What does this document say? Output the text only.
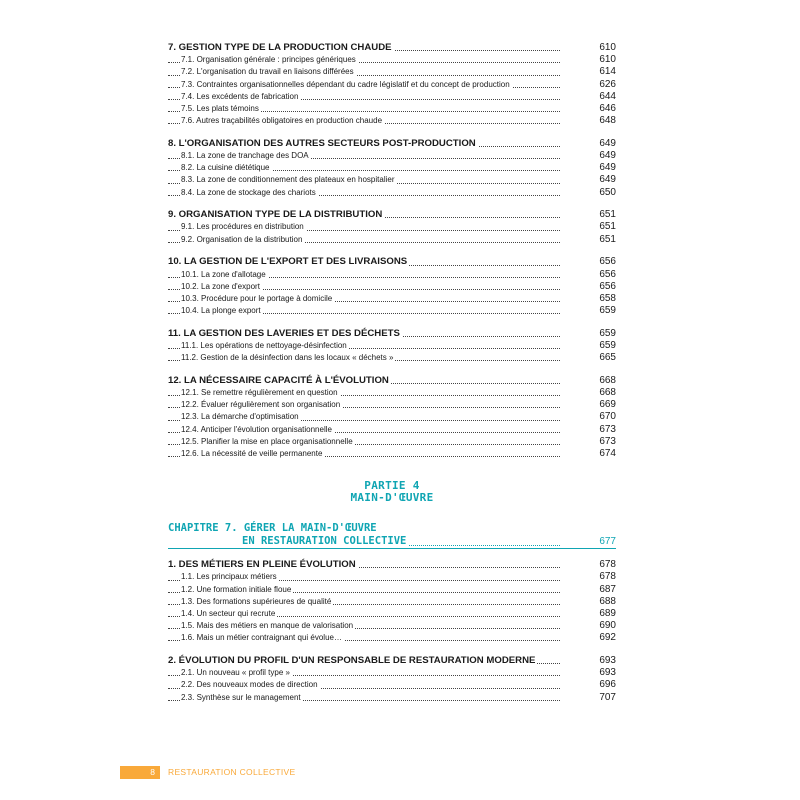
7. GESTION TYPE DE LA PRODUCTION CHAUDE	610
7.1. Organisation générale : principes génériques	610
7.2. L'organisation du travail en liaisons différées	614
7.3. Contraintes organisationnelles dépendant du cadre législatif et du concept de production	626
7.4. Les excédents de fabrication	644
7.5. Les plats témoins	646
7.6. Autres traçabilités obligatoires en production chaude	648
8. L'ORGANISATION DES AUTRES SECTEURS POST-PRODUCTION	649
8.1. La zone de tranchage des DOA	649
8.2. La cuisine diététique	649
8.3. La zone de conditionnement des plateaux en hospitalier	649
8.4. La zone de stockage des chariots	650
9. ORGANISATION TYPE DE LA DISTRIBUTION	651
9.1. Les procédures en distribution	651
9.2. Organisation de la distribution	651
10. LA GESTION DE L'EXPORT ET DES LIVRAISONS	656
10.1. La zone d'allotage	656
10.2. La zone d'export	656
10.3. Procédure pour le portage à domicile	658
10.4. La plonge export	659
11. LA GESTION DES LAVERIES ET DES DÉCHETS	659
11.1. Les opérations de nettoyage-désinfection	659
11.2. Gestion de la désinfection dans les locaux « déchets »	665
12. LA NÉCESSAIRE CAPACITÉ À L'ÉVOLUTION	668
12.1. Se remettre régulièrement en question	668
12.2. Évaluer régulièrement son organisation	669
12.3. La démarche d'optimisation	670
12.4. Anticiper l'évolution organisationnelle	673
12.5. Planifier la mise en place organisationnelle	673
12.6. La nécessité de veille permanente	674
PARTIE 4
MAIN-D'ŒUVRE
CHAPITRE 7. GÉRER LA MAIN-D'ŒUVRE
EN RESTAURATION COLLECTIVE	677
1. DES MÉTIERS EN PLEINE ÉVOLUTION	678
1.1. Les principaux métiers	678
1.2. Une formation initiale floue	687
1.3. Des formations supérieures de qualité	688
1.4. Un secteur qui recrute	689
1.5. Mais des métiers en manque de valorisation	690
1.6. Mais un métier contraignant qui évolue…	692
2. ÉVOLUTION DU PROFIL D'UN RESPONSABLE DE RESTAURATION MODERNE	693
2.1. Un nouveau « profil type »	693
2.2. Des nouveaux modes de direction	696
2.3. Synthèse sur le management	707
8 RESTAURATION COLLECTIVE
